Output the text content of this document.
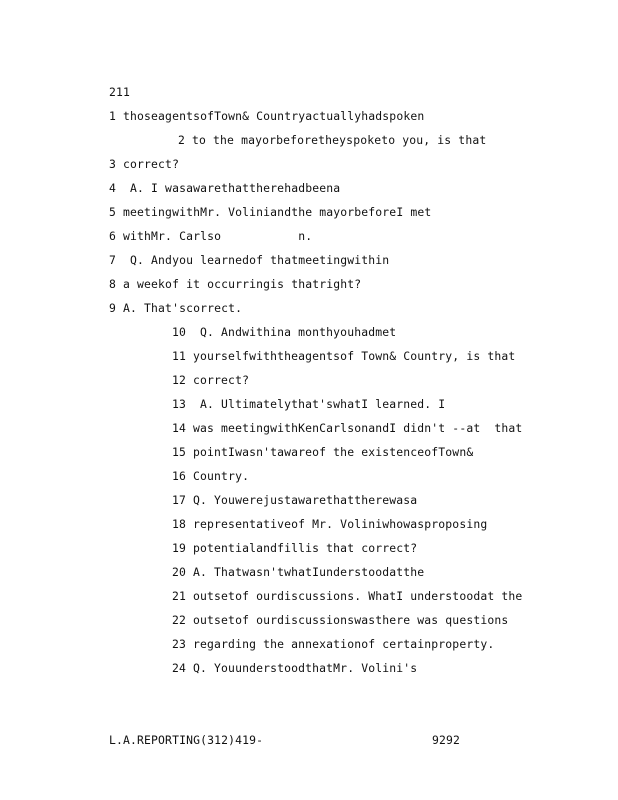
211
1 thoseagentsofTown& Countryactuallyhadspoken
2 to the mayorbeforetheyspoketo you, is that
3 correct?
4  A. I wasawarethattherehadbeena
5 meetingwithMr. Voliniandthe mayorbeforeI met
6 withMr. Carlso           n.
7  Q. Andyou learnedof thatmeetingwithin
8 a weekof it occurringis thatright?
9 A. That'scorrect.
10  Q. Andwithina monthyouhadmet
11 yourselfwiththeagentsof Town& Country, is that
12 correct?
13  A. Ultimatelythat'swhatI learned. I
14 was meetingwithKenCarlsonandI didn't --at  that
15 pointIwasn'tawareof the existenceofTown&
16 Country.
17 Q. Youwerejustawarethattherewasa
18 representativeof Mr. Voliniwhowasproposing
19 potentialandfillis that correct?
20 A. Thatwasn'twhatIunderstoodatthe
21 outsetof ourdiscussions. WhatI understoodat the
22 outsetof ourdiscussionswasthere was questions
23 regarding the annexationof certainproperty.
24 Q. YouunderstoodthatMr. Volini's
L.A.REPORTING(312)419-	9292
